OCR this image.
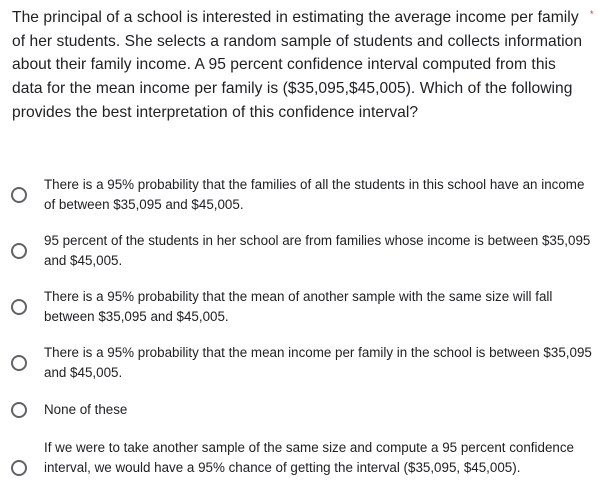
The principal of a school is interested in estimating the average income per family of her students. She selects a random sample of students and collects information about their family income. A 95 percent confidence interval computed from this data for the mean income per family is ($35,095,$45,005). Which of the following provides the best interpretation of this confidence interval?
*
There is a 95% probability that the families of all the students in this school have an income of between $35,095 and $45,005.
95 percent of the students in her school are from families whose income is between $35,095 and $45,005.
There is a 95% probability that the mean of another sample with the same size will fall between $35,095 and $45,005.
There is a 95% probability that the mean income per family in the school is between $35,095 and $45,005.
None of these
If we were to take another sample of the same size and compute a 95 percent confidence interval, we would have a 95% chance of getting the interval ($35,095, $45,005).
